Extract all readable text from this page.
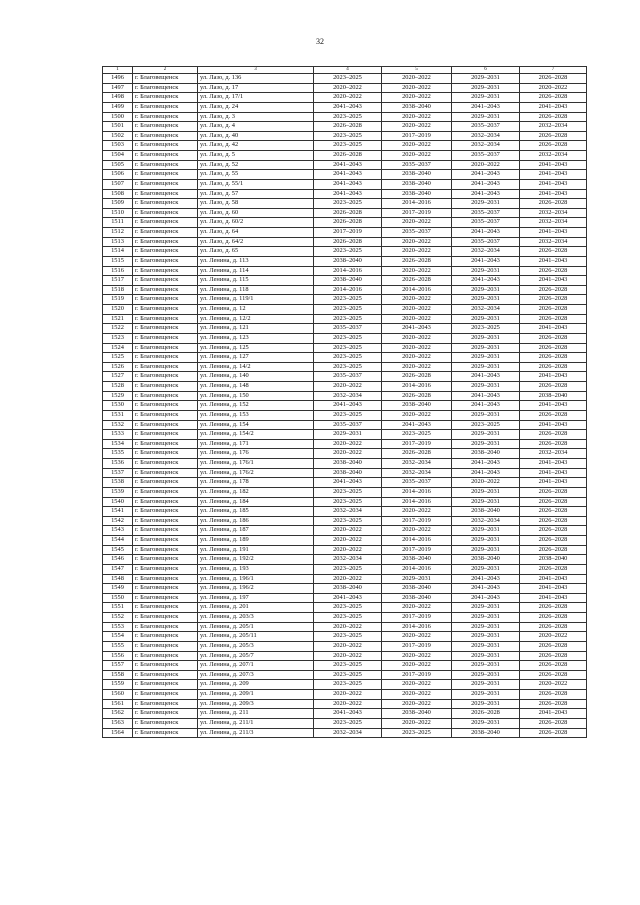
32
1	2	3	4	5	6	7
1496	г. Благовещенск	ул. Лазо, д. 136	2023–2025	2020–2022	2029–2031	2026–2028
1497	г. Благовещенск	ул. Лазо, д. 17	2020–2022	2020–2022	2029–2031	2020–2022
1498	г. Благовещенск	ул. Лазо, д. 17/1	2020–2022	2020–2022	2029–2031	2026–2028
1499	г. Благовещенск	ул. Лазо, д. 24	2041–2043	2038–2040	2041–2043	2041–2043
1500	г. Благовещенск	ул. Лазо, д. 3	2023–2025	2020–2022	2029–2031	2026–2028
1501	г. Благовещенск	ул. Лазо, д. 4	2026–2028	2020–2022	2035–2037	2032–2034
1502	г. Благовещенск	ул. Лазо, д. 40	2023–2025	2017–2019	2032–2034	2026–2028
1503	г. Благовещенск	ул. Лазо, д. 42	2023–2025	2020–2022	2032–2034	2026–2028
1504	г. Благовещенск	ул. Лазо, д. 5	2026–2028	2020–2022	2035–2037	2032–2034
1505	г. Благовещенск	ул. Лазо, д. 52	2041–2043	2035–2037	2020–2022	2041–2043
1506	г. Благовещенск	ул. Лазо, д. 55	2041–2043	2038–2040	2041–2043	2041–2043
1507	г. Благовещенск	ул. Лазо, д. 55/1	2041–2043	2038–2040	2041–2043	2041–2043
1508	г. Благовещенск	ул. Лазо, д. 57	2041–2043	2038–2040	2041–2043	2041–2043
1509	г. Благовещенск	ул. Лазо, д. 58	2023–2025	2014–2016	2029–2031	2026–2028
1510	г. Благовещенск	ул. Лазо, д. 60	2026–2028	2017–2019	2035–2037	2032–2034
1511	г. Благовещенск	ул. Лазо, д. 60/2	2026–2028	2020–2022	2035–2037	2032–2034
1512	г. Благовещенск	ул. Лазо, д. 64	2017–2019	2035–2037	2041–2043	2041–2043
1513	г. Благовещенск	ул. Лазо, д. 64/2	2026–2028	2020–2022	2035–2037	2032–2034
1514	г. Благовещенск	ул. Лазо, д. 65	2023–2025	2020–2022	2032–2034	2026–2028
1515	г. Благовещенск	ул. Ленина, д. 113	2038–2040	2026–2028	2041–2043	2041–2043
1516	г. Благовещенск	ул. Ленина, д. 114	2014–2016	2020–2022	2029–2031	2026–2028
1517	г. Благовещенск	ул. Ленина, д. 115	2038–2040	2026–2028	2041–2043	2041–2043
1518	г. Благовещенск	ул. Ленина, д. 118	2014–2016	2014–2016	2029–2031	2026–2028
1519	г. Благовещенск	ул. Ленина, д. 119/1	2023–2025	2020–2022	2029–2031	2026–2028
1520	г. Благовещенск	ул. Ленина, д. 12	2023–2025	2020–2022	2032–2034	2026–2028
1521	г. Благовещенск	ул. Ленина, д. 12/2	2023–2025	2020–2022	2029–2031	2026–2028
1522	г. Благовещенск	ул. Ленина, д. 121	2035–2037	2041–2043	2023–2025	2041–2043
1523	г. Благовещенск	ул. Ленина, д. 123	2023–2025	2020–2022	2029–2031	2026–2028
1524	г. Благовещенск	ул. Ленина, д. 125	2023–2025	2020–2022	2029–2031	2026–2028
1525	г. Благовещенск	ул. Ленина, д. 127	2023–2025	2020–2022	2029–2031	2026–2028
1526	г. Благовещенск	ул. Ленина, д. 14/2	2023–2025	2020–2022	2029–2031	2026–2028
1527	г. Благовещенск	ул. Ленина, д. 140	2035–2037	2026–2028	2041–2043	2041–2043
1528	г. Благовещенск	ул. Ленина, д. 148	2020–2022	2014–2016	2029–2031	2026–2028
1529	г. Благовещенск	ул. Ленина, д. 150	2032–2034	2026–2028	2041–2043	2038–2040
1530	г. Благовещенск	ул. Ленина, д. 152	2041–2043	2038–2040	2041–2043	2041–2043
1531	г. Благовещенск	ул. Ленина, д. 153	2023–2025	2020–2022	2029–2031	2026–2028
1532	г. Благовещенск	ул. Ленина, д. 154	2035–2037	2041–2043	2023–2025	2041–2043
1533	г. Благовещенск	ул. Ленина, д. 154/2	2029–2031	2023–2025	2029–2031	2026–2028
1534	г. Благовещенск	ул. Ленина, д. 171	2020–2022	2017–2019	2029–2031	2026–2028
1535	г. Благовещенск	ул. Ленина, д. 176	2020–2022	2026–2028	2038–2040	2032–2034
1536	г. Благовещенск	ул. Ленина, д. 176/1	2038–2040	2032–2034	2041–2043	2041–2043
1537	г. Благовещенск	ул. Ленина, д. 176/2	2038–2040	2032–2034	2041–2043	2041–2043
1538	г. Благовещенск	ул. Ленина, д. 178	2041–2043	2035–2037	2020–2022	2041–2043
1539	г. Благовещенск	ул. Ленина, д. 182	2023–2025	2014–2016	2029–2031	2026–2028
1540	г. Благовещенск	ул. Ленина, д. 184	2023–2025	2014–2016	2029–2031	2026–2028
1541	г. Благовещенск	ул. Ленина, д. 185	2032–2034	2020–2022	2038–2040	2026–2028
1542	г. Благовещенск	ул. Ленина, д. 186	2023–2025	2017–2019	2032–2034	2026–2028
1543	г. Благовещенск	ул. Ленина, д. 187	2020–2022	2020–2022	2029–2031	2026–2028
1544	г. Благовещенск	ул. Ленина, д. 189	2020–2022	2014–2016	2029–2031	2026–2028
1545	г. Благовещенск	ул. Ленина, д. 191	2020–2022	2017–2019	2029–2031	2026–2028
1546	г. Благовещенск	ул. Ленина, д. 192/2	2032–2034	2038–2040	2038–2040	2038–2040
1547	г. Благовещенск	ул. Ленина, д. 193	2023–2025	2014–2016	2029–2031	2026–2028
1548	г. Благовещенск	ул. Ленина, д. 196/1	2020–2022	2029–2031	2041–2043	2041–2043
1549	г. Благовещенск	ул. Ленина, д. 196/2	2038–2040	2038–2040	2041–2043	2041–2043
1550	г. Благовещенск	ул. Ленина, д. 197	2041–2043	2038–2040	2041–2043	2041–2043
1551	г. Благовещенск	ул. Ленина, д. 201	2023–2025	2020–2022	2029–2031	2026–2028
1552	г. Благовещенск	ул. Ленина, д. 203/3	2023–2025	2017–2019	2029–2031	2026–2028
1553	г. Благовещенск	ул. Ленина, д. 205/1	2020–2022	2014–2016	2029–2031	2026–2028
1554	г. Благовещенск	ул. Ленина, д. 205/11	2023–2025	2020–2022	2029–2031	2020–2022
1555	г. Благовещенск	ул. Ленина, д. 205/3	2020–2022	2017–2019	2029–2031	2026–2028
1556	г. Благовещенск	ул. Ленина, д. 205/7	2020–2022	2020–2022	2029–2031	2026–2028
1557	г. Благовещенск	ул. Ленина, д. 207/1	2023–2025	2020–2022	2029–2031	2026–2028
1558	г. Благовещенск	ул. Ленина, д. 207/3	2023–2025	2017–2019	2029–2031	2026–2028
1559	г. Благовещенск	ул. Ленина, д. 209	2023–2025	2020–2022	2029–2031	2020–2022
1560	г. Благовещенск	ул. Ленина, д. 209/1	2020–2022	2020–2022	2029–2031	2026–2028
1561	г. Благовещенск	ул. Ленина, д. 209/3	2020–2022	2020–2022	2029–2031	2026–2028
1562	г. Благовещенск	ул. Ленина, д. 211	2041–2043	2038–2040	2026–2028	2041–2043
1563	г. Благовещенск	ул. Ленина, д. 211/1	2023–2025	2020–2022	2029–2031	2026–2028
1564	г. Благовещенск	ул. Ленина, д. 211/3	2032–2034	2023–2025	2038–2040	2026–2028
